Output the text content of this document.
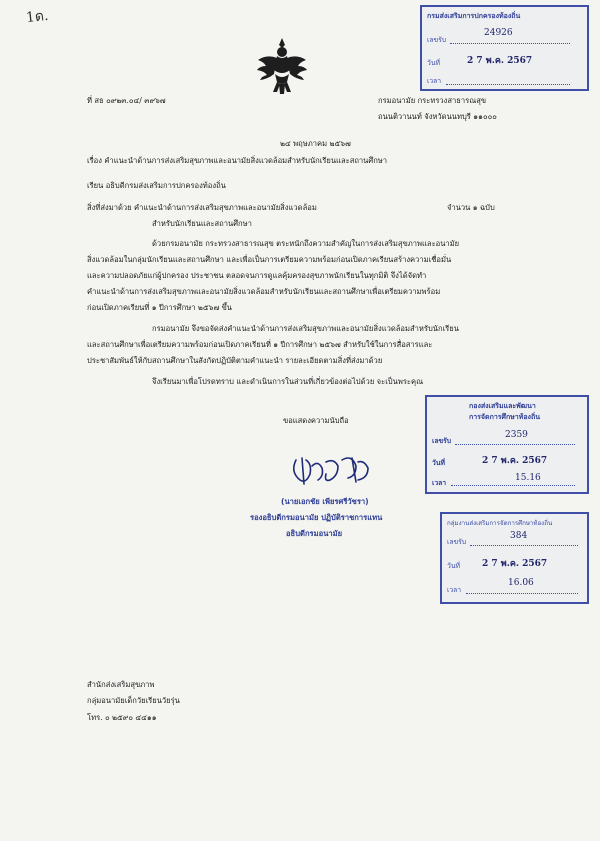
1ด.
ที่ สธ ๐๙๒๓.๐๔/ ๓๙๖๗	กรมอนามัย กระทรวงสาธารณสุข
ถนนติวานนท์ จังหวัดนนทบุรี ๑๑๐๐๐
๒๔ พฤษภาคม ๒๕๖๗
เรื่อง คำแนะนำด้านการส่งเสริมสุขภาพและอนามัยสิ่งแวดล้อมสำหรับนักเรียนและสถานศึกษา
เรียน อธิบดีกรมส่งเสริมการปกครองท้องถิ่น
สิ่งที่ส่งมาด้วย คำแนะนำด้านการส่งเสริมสุขภาพและอนามัยสิ่งแวดล้อม
สำหรับนักเรียนและสถานศึกษา
จำนวน ๑ ฉบับ
ด้วยกรมอนามัย กระทรวงสาธารณสุข ตระหนักถึงความสำคัญในการส่งเสริมสุขภาพและอนามัย
สิ่งแวดล้อมในกลุ่มนักเรียนและสถานศึกษา และเพื่อเป็นการเตรียมความพร้อมก่อนเปิดภาคเรียนสร้างความเชื่อมั่น
และความปลอดภัยแก่ผู้ปกครอง ประชาชน ตลอดจนการดูแลคุ้มครองสุขภาพนักเรียนในทุกมิติ จึงได้จัดทำ
คำแนะนำด้านการส่งเสริมสุขภาพและอนามัยสิ่งแวดล้อมสำหรับนักเรียนและสถานศึกษาเพื่อเตรียมความพร้อม
ก่อนเปิดภาคเรียนที่ ๑ ปีการศึกษา ๒๕๖๗ ขึ้น
กรมอนามัย จึงขอจัดส่งคำแนะนำด้านการส่งเสริมสุขภาพและอนามัยสิ่งแวดล้อมสำหรับนักเรียน
และสถานศึกษาเพื่อเตรียมความพร้อมก่อนเปิดภาคเรียนที่ ๑ ปีการศึกษา ๒๕๖๗ สำหรับใช้ในการสื่อสารและ
ประชาสัมพันธ์ให้กับสถานศึกษาในสังกัดปฏิบัติตามคำแนะนำ รายละเอียดตามสิ่งที่ส่งมาด้วย
จึงเรียนมาเพื่อโปรดทราบ และดำเนินการในส่วนที่เกี่ยวข้องต่อไปด้วย จะเป็นพระคุณ
ขอแสดงความนับถือ
(นายเอกชัย เพียรศรีวัชรา)
รองอธิบดีกรมอนามัย ปฏิบัติราชการแทน
อธิบดีกรมอนามัย
สำนักส่งเสริมสุขภาพ
กลุ่มอนามัยเด็กวัยเรียนวัยรุ่น
โทร. ๐ ๒๕๙๐ ๔๔๑๑
กรมส่งเสริมการปกครองท้องถิ่น
เลขรับ
24926
วันที่	2 7 พ.ค. 2567
เวลา
กองส่งเสริมและพัฒนา
การจัดการศึกษาท้องถิ่น
เลขรับ
2359
วันที่	2 7 พ.ค. 2567
เวลา	15.16
กลุ่มงานส่งเสริมการจัดการศึกษาท้องถิ่น
เลขรับ
384
วันที่ 2 7 พ.ค. 2567
เวลา
16.06
